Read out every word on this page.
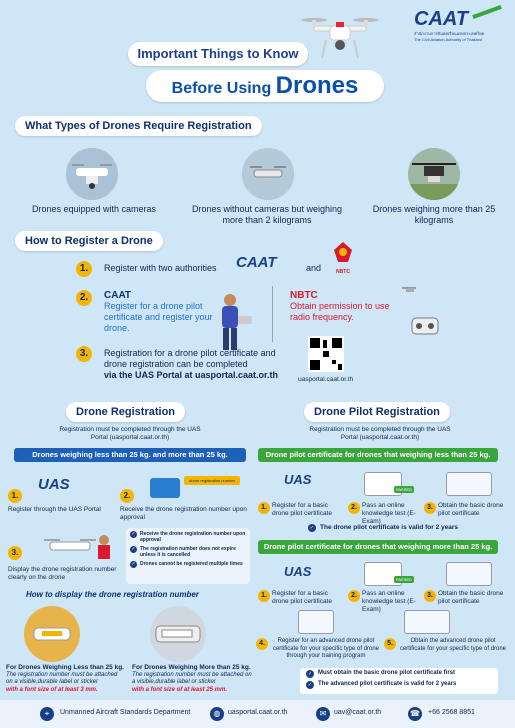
CAAT
สำนักงานการบินพลเรือนแห่งประเทศไทย
The Civil Aviation Authority of Thailand
Important Things to Know
Before Using Drones
What Types of Drones Require Registration
Drones equipped with cameras	Drones without cameras but weighing more than 2 kilograms
Drones weighing more than 25 kilograms
How to Register a Drone
1.	Register with two authorities CAAT	and	NBTC
2.	CAAT
Register for a drone pilot certificate and register your drone.
NBTC
Obtain permission to use radio frequency.
3.	Registration for a drone pilot certificate and drone registration can be completed
via the UAS Portal at uasportal.caat.or.th	uasportal.caat.or.th
Drone Registration
Registration must be completed through the UAS Portal (uasportal.caat.or.th)
Drones weighing less than 25 kg. and more than 25 kg.
1.
UAS
Register through the UAS Portal
2.
drone registration number
Receive the drone registration number upon approval
3.
Display the drone registration number clearly on the drone
✓ Receive the drone registration number upon approval
✓ The registration number does not expire unless it is cancelled
✓ Drones cannot be registered multiple times
How to display the drone registration number
For Drones Weighing Less than 25 kg.
The registration number must be attached on a visible,durable label or sticker
with a font size of at least 3 mm.
For Drones Weighing More than 25 kg.
The registration number must be attached on a visible,durable label or sticker
with a font size of at least 25 mm.
Drone Pilot Registration
Registration must be completed through the UAS Portal (uasportal.caat.or.th)
Drone pilot certificate for drones that weighing less than 25 kg.
UAS
PASSED
1. Register for a basic drone pilot certificate
2. Pass an online knowledge test (E-Exam)
3. Obtain the basic drone pilot certificate
✓ The drone pilot certificate is valid for 2 years
Drone pilot certificate for drones that weighing more than 25 kg.
UAS
PASSED
1. Register for a basic drone pilot certificate
2. Pass an online knowledge test (E-Exam)
3. Obtain the basic drone pilot certificate
4.	Register for an advanced drone pilot certificate for your specific type of drone through your training program
5.	Obtain the advanced drone pilot certificate for your specific type of drone
✓ Must obtain the basic drone pilot certificate first
✓ The advanced pilot certificate is valid for 2 years
⌖	Unmanned Aircraft Standards Department	◍	uasportal.caat.or.th	✉	uav@caat.or.th	☎ +66 2568 8851
